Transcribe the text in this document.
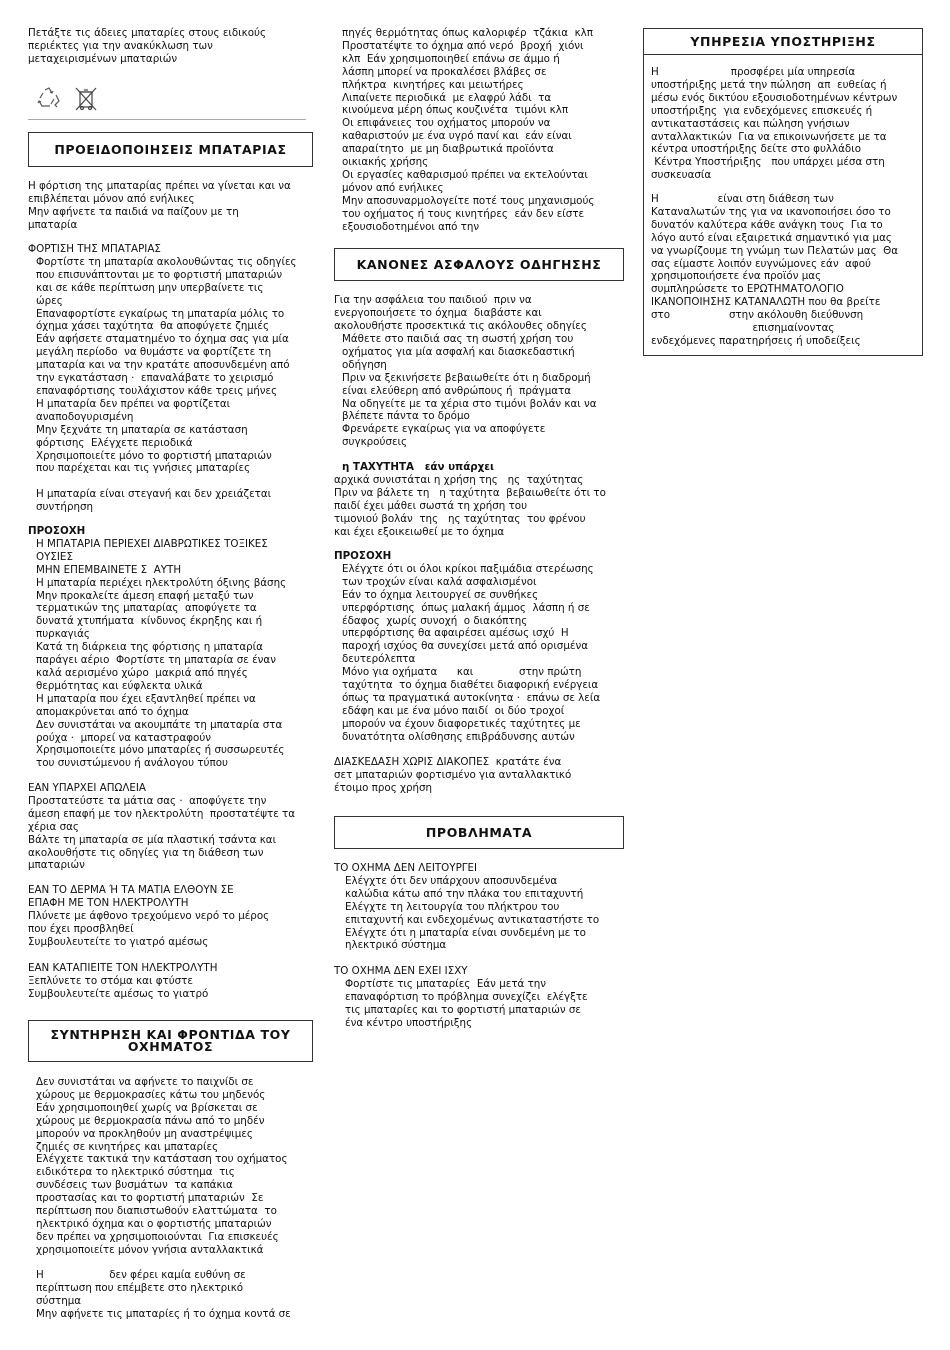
Πετάξτε τις άδειες μπαταρίες στους ειδικούς
περιέκτες για την ανακύκλωση των
μεταχειρισμένων μπαταριών
ΠΡΟΕΙΔΟΠΟΙΗΣΕΙΣ ΜΠΑΤΑΡΙΑΣ
Η φόρτιση της μπαταρίας πρέπει να γίνεται και να
επιβλέπεται μόνον από ενήλικες
Μην αφήνετε τα παιδιά να παίζουν με τη
μπαταρία
ΦΟΡΤΙΣΗ ΤΗΣ ΜΠΑΤΑΡΙΑΣ
Φορτίστε τη μπαταρία ακολουθώντας τις οδηγίες
που επισυνάπτονται με το φορτιστή μπαταριών
και σε κάθε περίπτωση μην υπερβαίνετε τις
ώρες
Επαναφορτίστε εγκαίρως τη μπαταρία μόλις το
όχημα χάσει ταχύτητα  θα αποφύγετε ζημιές
Εάν αφήσετε σταματημένο το όχημα σας για μία
μεγάλη περίοδο  να θυμάστε να φορτίζετε τη
μπαταρία και να την κρατάτε αποσυνδεμένη από
την εγκατάσταση ·  επαναλάβατε το χειρισμό
επαναφόρτισης τουλάχιστον κάθε τρεις μήνες
Η μπαταρία δεν πρέπει να φορτίζεται
αναποδογυρισμένη
Μην ξεχνάτε τη μπαταρία σε κατάσταση
φόρτισης  Ελέγχετε περιοδικά
Χρησιμοποιείτε μόνο το φορτιστή μπαταριών
που παρέχεται και τις γνήσιες μπαταρίες
Η μπαταρία είναι στεγανή και δεν χρειάζεται
συντήρηση
ΠΡΟΣΟΧΗ
Η ΜΠΑΤΑΡΙΑ ΠΕΡΙΕΧΕΙ ΔΙΑΒΡΩΤΙΚΕΣ ΤΟΞΙΚΕΣ
ΟΥΣΙΕΣ
ΜΗΝ ΕΠΕΜΒΑΙΝΕΤΕ Σ  ΑΥΤΗ
Η μπαταρία περιέχει ηλεκτρολύτη όξινης βάσης
Μην προκαλείτε άμεση επαφή μεταξύ των
τερματικών της μπαταρίας  αποφύγετε τα
δυνατά χτυπήματα  κίνδυνος έκρηξης και ή
πυρκαγιάς
Κατά τη διάρκεια της φόρτισης η μπαταρία
παράγει αέριο  Φορτίστε τη μπαταρία σε έναν
καλά αερισμένο χώρο  μακριά από πηγές
θερμότητας και εύφλεκτα υλικά
Η μπαταρία που έχει εξαντληθεί πρέπει να
απομακρύνεται από το όχημα
Δεν συνιστάται να ακουμπάτε τη μπαταρία στα
ρούχα ·  μπορεί να καταστραφούν
Χρησιμοποιείτε μόνο μπαταρίες ή συσσωρευτές
του συνιστώμενου ή ανάλογου τύπου
ΕΑΝ ΥΠΑΡΧΕΙ ΑΠΩΛΕΙΑ
Προστατεύστε τα μάτια σας ·  αποφύγετε την
άμεση επαφή με τον ηλεκτρολύτη  προστατέψτε τα
χέρια σας
Βάλτε τη μπαταρία σε μία πλαστική τσάντα και
ακολουθήστε τις οδηγίες για τη διάθεση των
μπαταριών
ΕΑΝ ΤΟ ΔΕΡΜΑ Ή ΤΑ ΜΑΤΙΑ ΕΛΘΟΥΝ ΣΕ
ΕΠΑΦΗ ΜΕ ΤΟΝ ΗΛΕΚΤΡΟΛΥΤΗ
Πλύνετε με άφθονο τρεχούμενο νερό το μέρος
που έχει προσβληθεί
Συμβουλευτείτε το γιατρό αμέσως
ΕΑΝ ΚΑΤΑΠΙΕΙΤΕ ΤΟΝ ΗΛΕΚΤΡΟΛΥΤΗ
Ξεπλύνετε το στόμα και φτύστε
Συμβουλευτείτε αμέσως το γιατρό
ΣΥΝΤΗΡΗΣΗ ΚΑΙ ΦΡΟΝΤΙΔΑ ΤΟΥ
ΟΧΗΜΑΤΟΣ
Δεν συνιστάται να αφήνετε το παιχνίδι σε
χώρους με θερμοκρασίες κάτω του μηδενός
Εάν χρησιμοποιηθεί χωρίς να βρίσκεται σε
χώρους με θερμοκρασία πάνω από το μηδέν
μπορούν να προκληθούν μη αναστρέψιμες
ζημιές σε κινητήρες και μπαταρίες
Ελέγχετε τακτικά την κατάσταση του οχήματος
ειδικότερα το ηλεκτρικό σύστημα  τις
συνδέσεις των βυσμάτων  τα καπάκια
προστασίας και το φορτιστή μπαταριών  Σε
περίπτωση που διαπιστωθούν ελαττώματα  το
ηλεκτρικό όχημα και ο φορτιστής μπαταριών
δεν πρέπει να χρησιμοποιούνται  Για επισκευές
χρησιμοποιείτε μόνον γνήσια ανταλλακτικά
Η                    δεν φέρει καμία ευθύνη σε
περίπτωση που επέμβετε στο ηλεκτρικό
σύστημα
Μην αφήνετε τις μπαταρίες ή το όχημα κοντά σε
πηγές θερμότητας όπως καλοριφέρ  τζάκια  κλπ
Προστατέψτε το όχημα από νερό  βροχή  χιόνι
κλπ  Εάν χρησιμοποιηθεί επάνω σε άμμο ή
λάσπη μπορεί να προκαλέσει βλάβες σε
πλήκτρα  κινητήρες και μειωτήρες
Λιπαίνετε περιοδικά  με ελαφρύ λάδι  τα
κινούμενα μέρη όπως κουζινέτα  τιμόνι κλπ
Οι επιφάνειες του οχήματος μπορούν να
καθαριστούν με ένα υγρό πανί και  εάν είναι
απαραίτητο  με μη διαβρωτικά προϊόντα
οικιακής χρήσης
Οι εργασίες καθαρισμού πρέπει να εκτελούνται
μόνον από ενήλικες
Μην αποσυναρμολογείτε ποτέ τους μηχανισμούς
του οχήματος ή τους κινητήρες  εάν δεν είστε
εξουσιοδοτημένοι από την
ΚΑΝΟΝΕΣ ΑΣΦΑΛΟΥΣ ΟΔΗΓΗΣΗΣ
Για την ασφάλεια του παιδιού  πριν να
ενεργοποιήσετε το όχημα  διαβάστε και
ακολουθήστε προσεκτικά τις ακόλουθες οδηγίες
Μάθετε στο παιδιά σας τη σωστή χρήση του
οχήματος για μία ασφαλή και διασκεδαστική
οδήγηση
Πριν να ξεκινήσετε βεβαιωθείτε ότι η διαδρομή
είναι ελεύθερη από ανθρώπους ή  πράγματα
Να οδηγείτε με τα χέρια στο τιμόνι βολάν και να
βλέπετε πάντα το δρόμο
Φρενάρετε εγκαίρως για να αποφύγετε
συγκρούσεις
η ΤΑΧΥΤΗΤΑ   εάν υπάρχει
αρχικά συνιστάται η χρήση της   ης  ταχύτητας
Πριν να βάλετε τη   η ταχύτητα  βεβαιωθείτε ότι το
παιδί έχει μάθει σωστά τη χρήση του
τιμονιού βολάν  της   ης ταχύτητας  του φρένου
και έχει εξοικειωθεί με το όχημα
ΠΡΟΣΟΧΗ
Ελέγχτε ότι οι όλοι κρίκοι παξιμάδια στερέωσης
των τροχών είναι καλά ασφαλισμένοι
Εάν το όχημα λειτουργεί σε συνθήκες
υπερφόρτισης  όπως μαλακή άμμος  λάσπη ή σε
έδαφος  χωρίς συνοχή  ο διακόπτης
υπερφόρτισης θα αφαιρέσει αμέσως ισχύ  Η
παροχή ισχύος θα συνεχίσει μετά από ορισμένα
δευτερόλεπτα
Μόνο για οχήματα      και              στην πρώτη
ταχύτητα  το όχημα διαθέτει διαφορική ενέργεια
όπως τα πραγματικά αυτοκίνητα ·  επάνω σε λεία
εδάφη και με ένα μόνο παιδί  οι δύο τροχοί
μπορούν να έχουν διαφορετικές ταχύτητες με
δυνατότητα ολίσθησης επιβράδυνσης αυτών
ΔΙΑΣΚΕΔΑΣΗ ΧΩΡΙΣ ΔΙΑΚΟΠΕΣ  κρατάτε ένα
σετ μπαταριών φορτισμένο για ανταλλακτικό
έτοιμο προς χρήση
ΠΡΟΒΛΗΜΑΤΑ
ΤΟ ΟΧΗΜΑ ΔΕΝ ΛΕΙΤΟΥΡΓΕΙ
Ελέγχτε ότι δεν υπάρχουν αποσυνδεμένα
καλώδια κάτω από την πλάκα του επιταχυντή
Ελέγχτε τη λειτουργία του πλήκτρου του
επιταχυντή και ενδεχομένως αντικαταστήστε το
Ελέγχτε ότι η μπαταρία είναι συνδεμένη με το
ηλεκτρικό σύστημα
ΤΟ ΟΧΗΜΑ ΔΕΝ ΕΧΕΙ ΙΣΧΥ
Φορτίστε τις μπαταρίες  Εάν μετά την
επαναφόρτιση το πρόβλημα συνεχίζει  ελέγξτε
τις μπαταρίες και το φορτιστή μπαταριών σε
ένα κέντρο υποστήριξης
ΥΠΗΡΕΣΙΑ ΥΠΟΣΤΗΡΙΞΗΣ
Η                      προσφέρει μία υπηρεσία
υποστήριξης μετά την πώληση  απ  ευθείας ή
μέσω ενός δικτύου εξουσιοδοτημένων κέντρων
υποστήριξης  για ενδεχόμενες επισκευές ή
αντικαταστάσεις και πώληση γνήσιων
ανταλλακτικών  Για να επικοινωνήσετε με τα
κέντρα υποστήριξης δείτε στο φυλλάδιο
Κέντρα Υποστήριξης   που υπάρχει μέσα στη
συσκευασία
Η                  είναι στη διάθεση των
Καταναλωτών της για να ικανοποιήσει όσο το
δυνατόν καλύτερα κάθε ανάγκη τους  Για το
λόγο αυτό είναι εξαιρετικά σημαντικό για μας
να γνωρίζουμε τη γνώμη των Πελατών μας  Θα
σας είμαστε λοιπόν ευγνώμονες εάν  αφού
χρησιμοποιήσετε ένα προϊόν μας
συμπληρώσετε το ΕΡΩΤΗΜΑΤΟΛΟΓΙΟ
ΙΚΑΝΟΠΟΙΗΣΗΣ ΚΑΤΑΝΑΛΩΤΗ που θα βρείτε
στο                  στην ακόλουθη διεύθυνση
επισημαίνοντας
ενδεχόμενες παρατηρήσεις ή υποδείξεις
